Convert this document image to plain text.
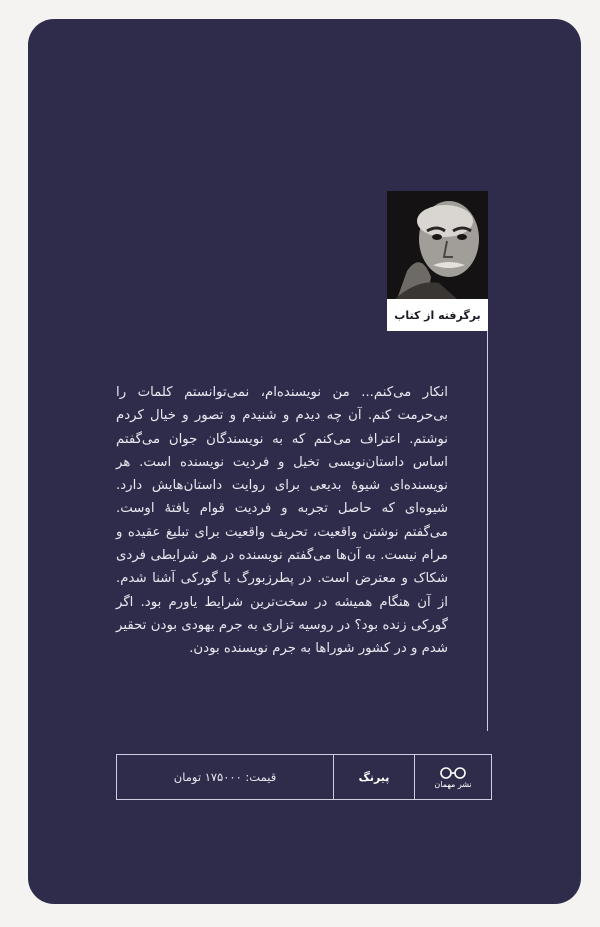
برگرفته از کتاب
انکار می‌کنم... من نویسنده‌ام، نمی‌توانستم کلمات را بی‌حرمت کنم. آن چه دیدم و شنیدم و تصور و خیال کردم نوشتم. اعتراف می‌کنم که به نویسندگان جوان می‌گفتم اساس داستان‌نویسی تخیل و فردیت نویسنده است. هر نویسنده‌ای شیوهٔ بدیعی برای روایت داستان‌هایش دارد. شیوه‌ای که حاصل تجربه و فردیت قوام یافتهٔ اوست. می‌گفتم نوشتن واقعیت، تحریف واقعیت برای تبلیغ عقیده و مرام نیست. به آن‌ها می‌گفتم نویسنده در هر شرایطی فردی شکاک و معترض است. در پطرزبورگ با گورکی آشنا شدم. از آن هنگام همیشه در سخت‌ترین شرایط یاورم بود. اگر گورکی زنده بود؟ در روسیه تزاری به جرم یهودی بودن تحقیر شدم و در کشور شوراها به جرم نویسنده بودن.
قیمت: ۱۷۵۰۰۰ تومان	پیرنگ
نشر مهمان
